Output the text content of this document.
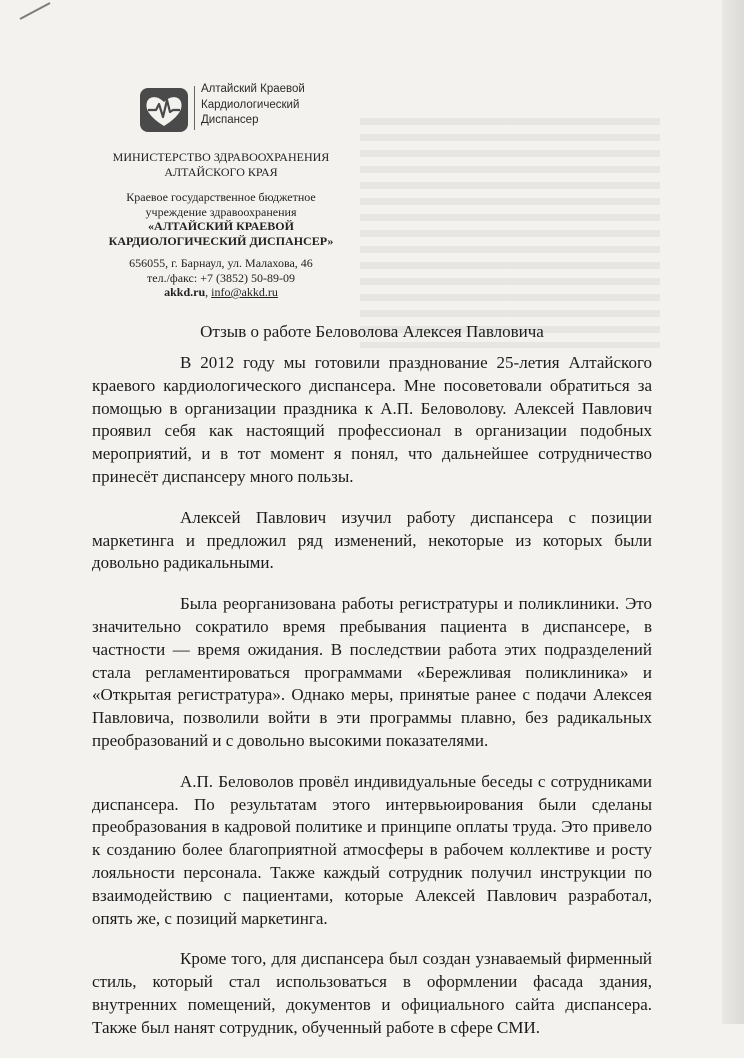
Алтайский Краевой
Кардиологический
Диспансер
МИНИСТЕРСТВО ЗДРАВООХРАНЕНИЯ
АЛТАЙСКОГО КРАЯ
Краевое государственное бюджетное
учреждение здравоохранения
«АЛТАЙСКИЙ КРАЕВОЙ
КАРДИОЛОГИЧЕСКИЙ ДИСПАНСЕР»
656055, г. Барнаул, ул. Малахова, 46
тел./факс: +7 (3852) 50-89-09
akkd.ru, info@akkd.ru
Отзыв о работе Беловолова Алексея Павловича

В 2012 году мы готовили празднование 25-летия Алтайского краевого кардиологического диспансера. Мне посоветовали обратиться за помощью в организации праздника к А.П. Беловолову. Алексей Павлович проявил себя как настоящий профессионал в организации подобных мероприятий, и в тот момент я понял, что дальнейшее сотрудничество принесёт диспансеру много пользы.

Алексей Павлович изучил работу диспансера с позиции маркетинга и предложил ряд изменений, некоторые из которых были довольно радикальными.

Была реорганизована работы регистратуры и поликлиники. Это значительно сократило время пребывания пациента в диспансере, в частности — время ожидания. В последствии работа этих подразделений стала регламентироваться программами «Бережливая поликлиника» и «Открытая регистратура». Однако меры, принятые ранее с подачи Алексея Павловича, позволили войти в эти программы плавно, без радикальных преобразований и с довольно высокими показателями.

А.П. Беловолов провёл индивидуальные беседы с сотрудниками диспансера. По результатам этого интервьюирования были сделаны преобразования в кадровой политике и принципе оплаты труда. Это привело к созданию более благоприятной атмосферы в рабочем коллективе и росту лояльности персонала. Также каждый сотрудник получил инструкции по взаимодействию с пациентами, которые Алексей Павлович разработал, опять же, с позиций маркетинга.

Кроме того, для диспансера был создан узнаваемый фирменный стиль, который стал использоваться в оформлении фасада здания, внутренних помещений, документов и официального сайта диспансера. Также был нанят сотрудник, обученный работе в сфере СМИ.
